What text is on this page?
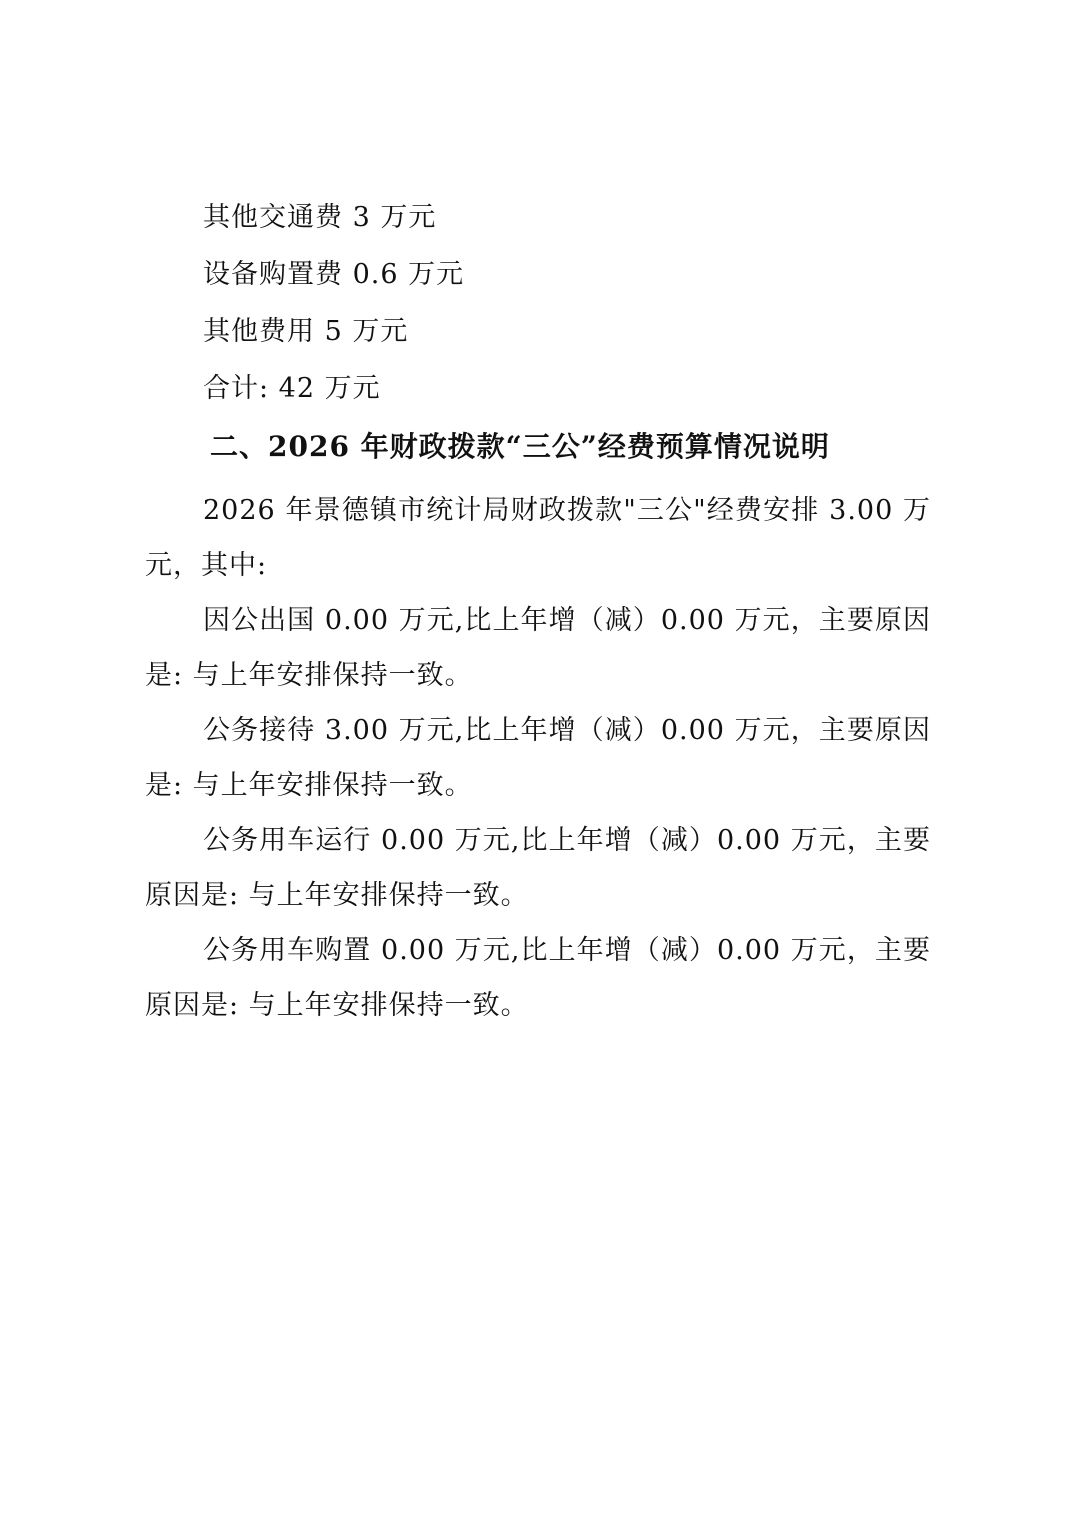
其他交通费 3 万元
设备购置费 0.6 万元
其他费用 5 万元
合计: 42 万元
二、2026 年财政拨款“三公”经费预算情况说明

2026 年景德镇市统计局财政拨款"三公"经费安排 3.00 万元，其中:

因公出国 0.00 万元,比上年增（减）0.00 万元，主要原因是: 与上年安排保持一致。

公务接待 3.00 万元,比上年增（减）0.00 万元，主要原因是: 与上年安排保持一致。

公务用车运行 0.00 万元,比上年增（减）0.00 万元，主要原因是: 与上年安排保持一致。

公务用车购置 0.00 万元,比上年增（减）0.00 万元，主要原因是: 与上年安排保持一致。
